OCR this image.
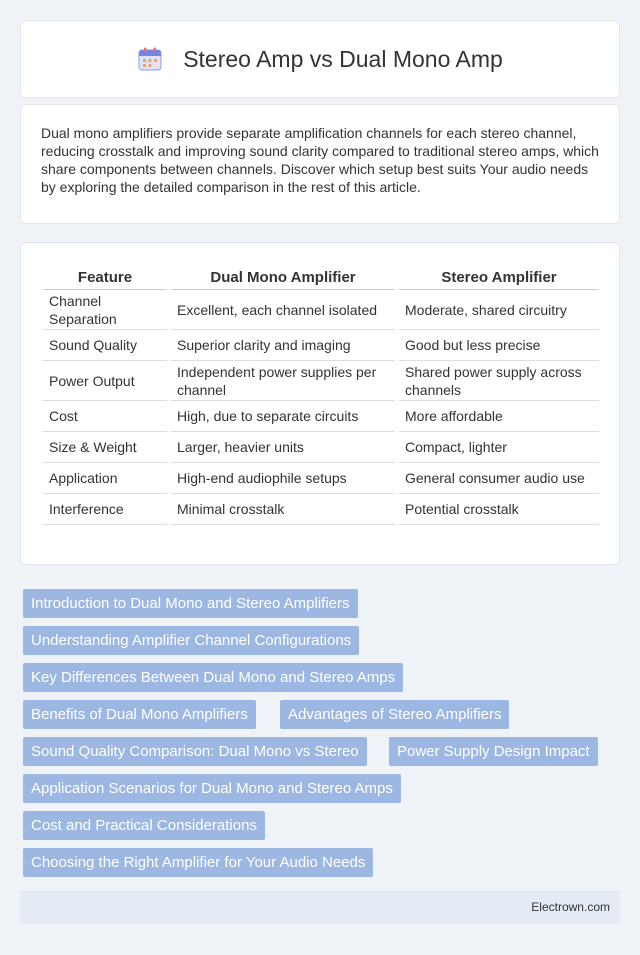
Stereo Amp vs Dual Mono Amp

Dual mono amplifiers provide separate amplification channels for each stereo channel, reducing crosstalk and improving sound clarity compared to traditional stereo amps, which share components between channels. Discover which setup best suits Your audio needs by exploring the detailed comparison in the rest of this article.

Feature	Dual Mono Amplifier	Stereo Amplifier
Channel Separation	Excellent, each channel isolated	Moderate, shared circuitry
Sound Quality	Superior clarity and imaging	Good but less precise
Power Output	Independent power supplies per channel	Shared power supply across channels
Cost	High, due to separate circuits	More affordable
Size & Weight	Larger, heavier units	Compact, lighter
Application	High-end audiophile setups	General consumer audio use
Interference	Minimal crosstalk	Potential crosstalk
Introduction to Dual Mono and Stereo Amplifiers
Understanding Amplifier Channel Configurations
Key Differences Between Dual Mono and Stereo Amps
Benefits of Dual Mono Amplifiers	Advantages of Stereo Amplifiers
Sound Quality Comparison: Dual Mono vs Stereo	Power Supply Design Impact
Application Scenarios for Dual Mono and Stereo Amps
Cost and Practical Considerations
Choosing the Right Amplifier for Your Audio Needs
Electrown.com
